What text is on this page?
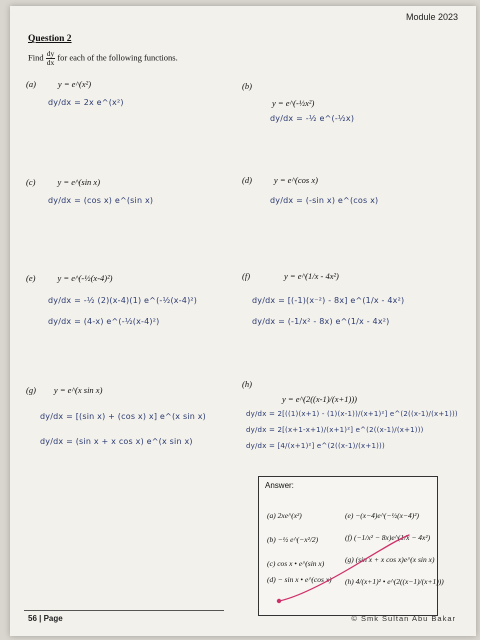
Module 2023
Question 2
Find $\frac{dy}{dx}$ for each of the following functions.
(a)	y = e^(x²)
dy/dx = 2x e^(x²)
(b)
y = e^(-½x²)
dy/dx = -½ e^(-½x)
(c)	y = e^(sin x)
dy/dx = (cos x) e^(sin x)
(d)	y = e^(cos x)
dy/dx = (-sin x) e^(cos x)
(e)	y = e^(-½(x-4)²)
dy/dx = -½ (2)(x-4)(1) e^(-½(x-4)²)
dy/dx = (4-x) e^(-½(x-4)²)
(f)	y = e^(1/x - 4x²)
dy/dx = [(-1)(x⁻²) - 8x] e^(1/x - 4x²)
dy/dx = (-1/x² - 8x) e^(1/x - 4x²)
(g) y = e^(x sin x)
dy/dx = [(sin x) + (cos x) x] e^(x sin x)
dy/dx = (sin x + x cos x) e^(x sin x)
(h)
y = e^(2((x-1)/(x+1)))
dy/dx = 2[((1)(x+1) - (1)(x-1))/(x+1)²] e^(2((x-1)/(x+1)))
dy/dx = 2[(x+1-x+1)/(x+1)²] e^(2((x-1)/(x+1)))
dy/dx = [4/(x+1)²] e^(2((x-1)/(x+1)))
Answer:
(a) 2xe^(x²)
(b) −½ e^(−x²/2)
(c) cos x • e^(sin x)
(d) − sin x • e^(cos x)
(e) −(x−4)e^(−½(x−4)²)
(f) (−1/x² − 8x)e^(1/x − 4x²)
(g) (sin x + x cos x)e^(x sin x)
(h) 4/(x+1)² • e^(2((x−1)/(x+1)))
56 | Page	© Smk Sultan Abu Bakar
